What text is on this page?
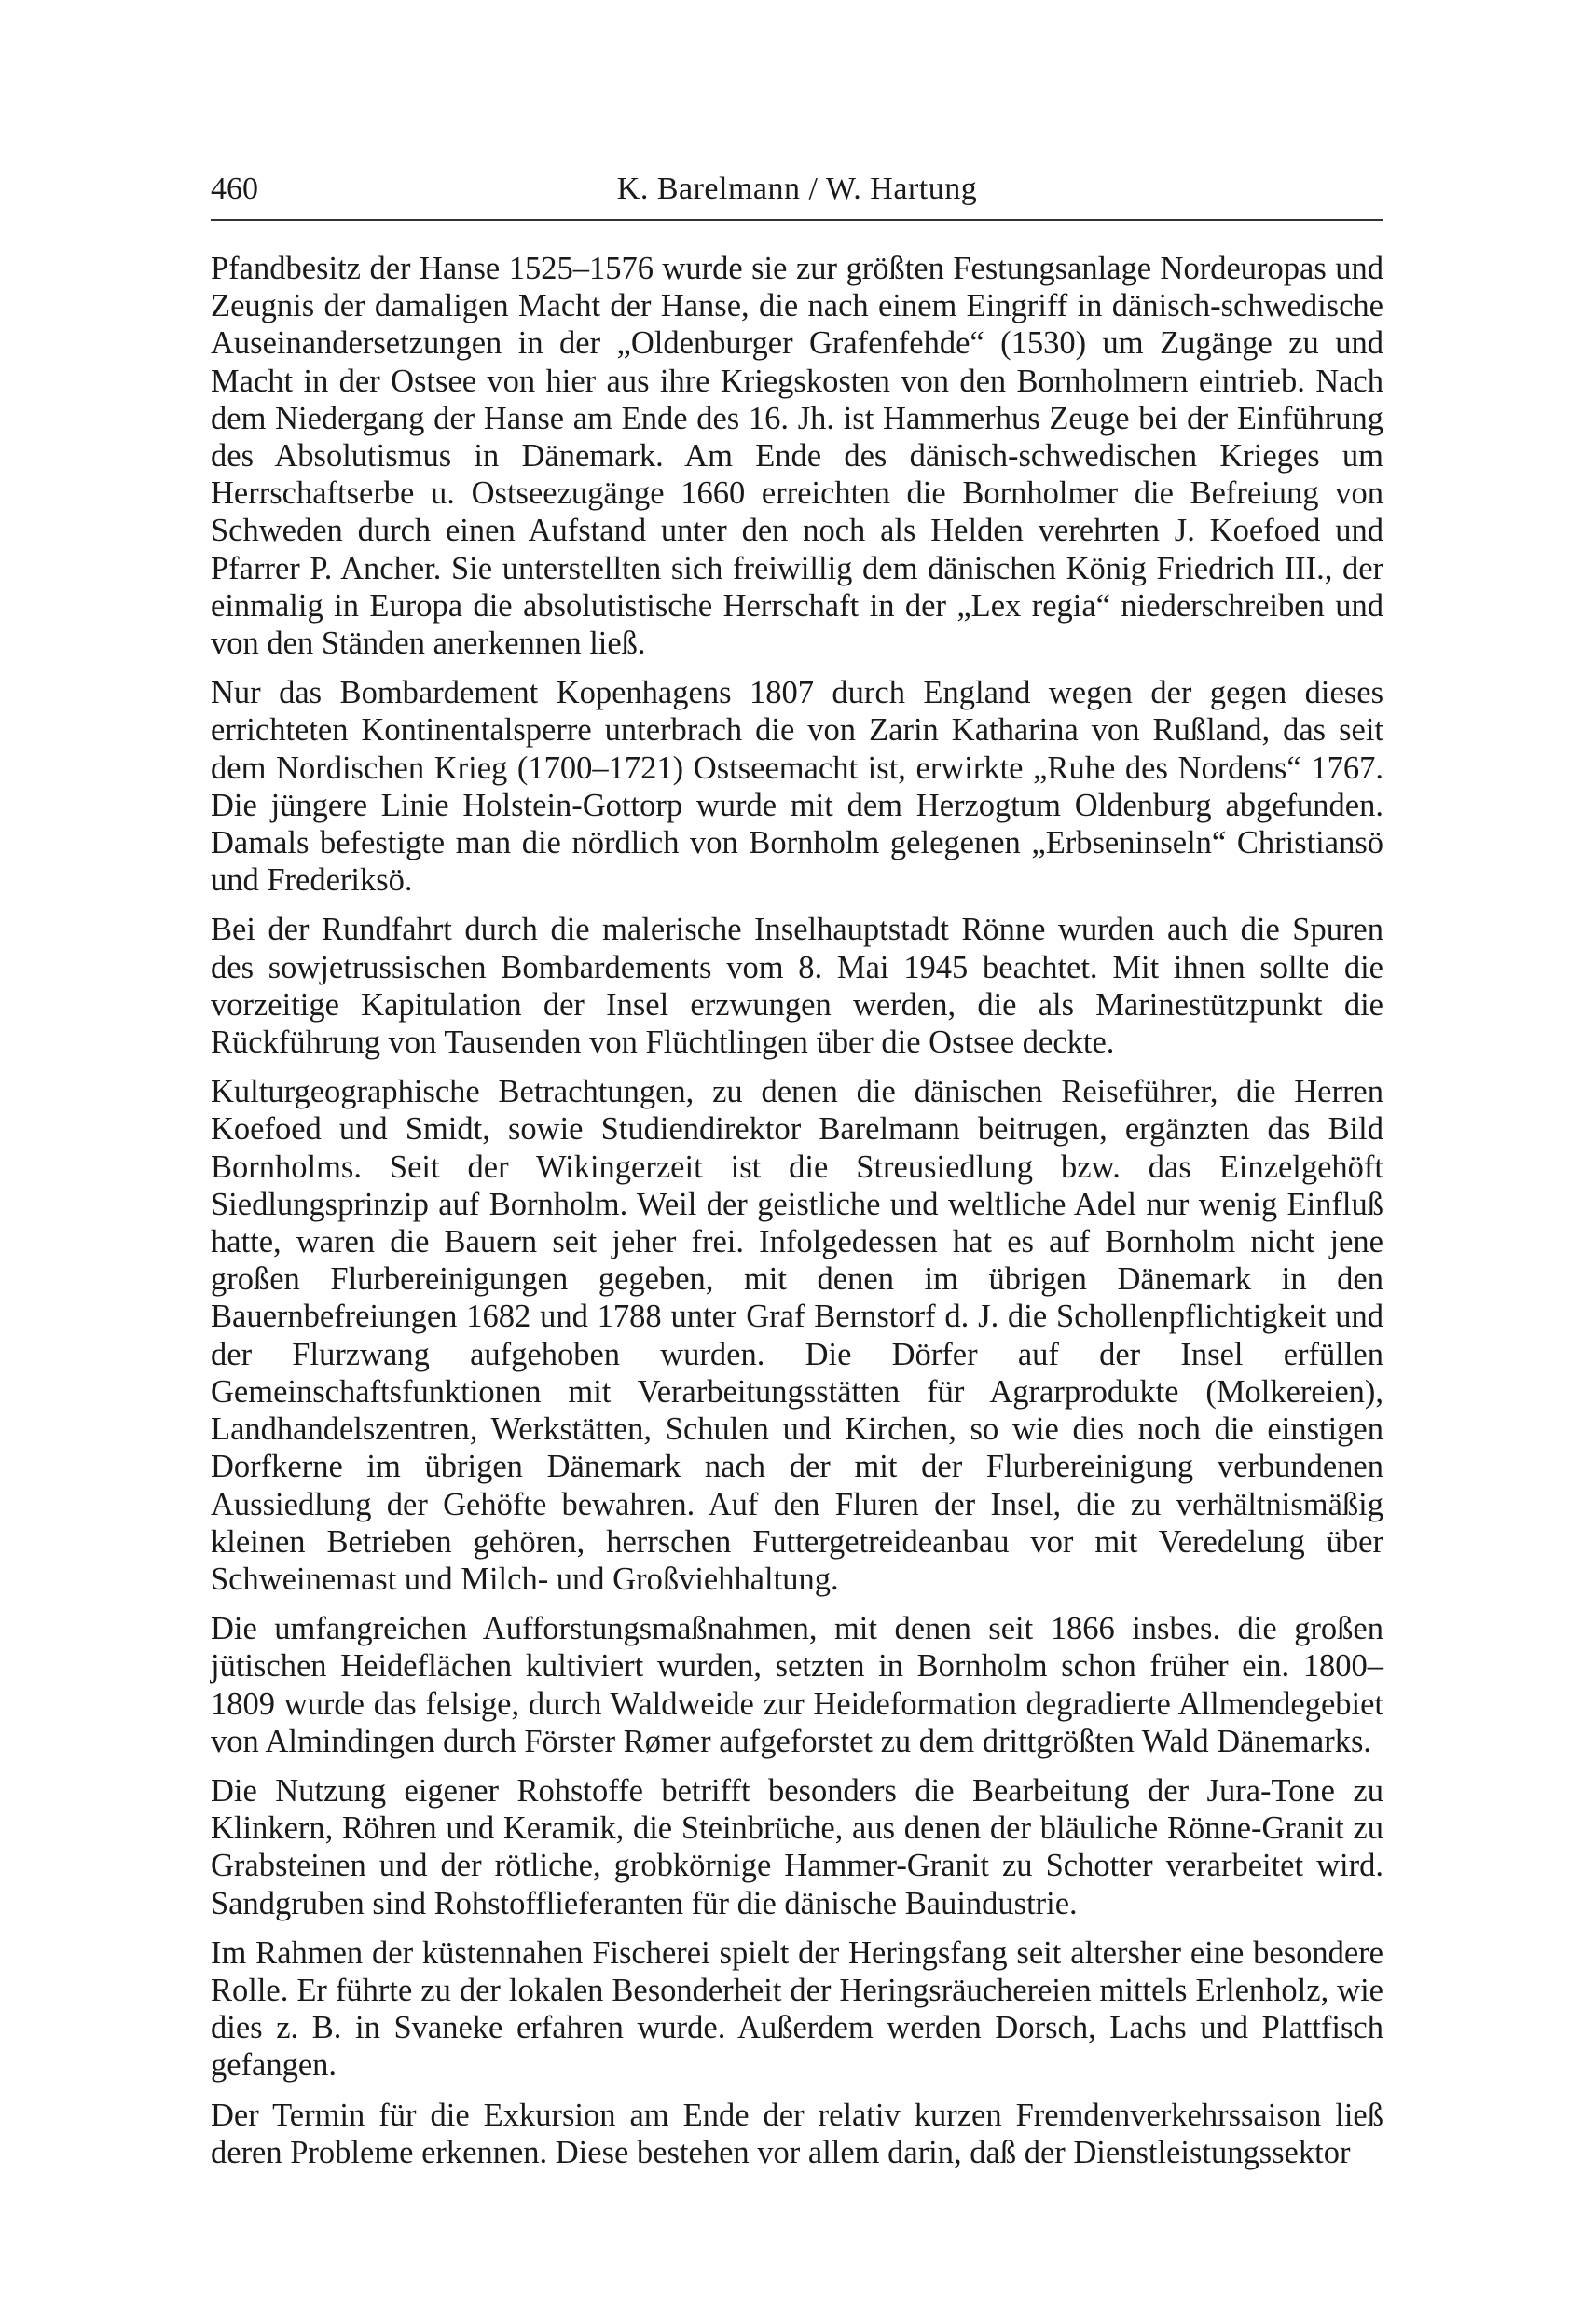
460	K. Barelmann / W. Hartung

Pfandbesitz der Hanse 1525–1576 wurde sie zur größten Festungsanlage Nordeuropas und Zeugnis der damaligen Macht der Hanse, die nach einem Eingriff in dänisch-schwedische Auseinandersetzungen in der „Oldenburger Grafenfehde“ (1530) um Zugänge zu und Macht in der Ostsee von hier aus ihre Kriegskosten von den Bornholmern eintrieb. Nach dem Niedergang der Hanse am Ende des 16. Jh. ist Hammerhus Zeuge bei der Einführung des Absolutismus in Dänemark. Am Ende des dänisch-schwedischen Krieges um Herrschaftserbe u. Ostseezugänge 1660 erreichten die Bornholmer die Befreiung von Schweden durch einen Aufstand unter den noch als Helden verehrten J. Koefoed und Pfarrer P. Ancher. Sie unterstellten sich freiwillig dem dänischen König Friedrich III., der einmalig in Europa die absolutistische Herrschaft in der „Lex regia“ niederschreiben und von den Ständen anerkennen ließ.

Nur das Bombardement Kopenhagens 1807 durch England wegen der gegen dieses errichteten Kontinentalsperre unterbrach die von Zarin Katharina von Rußland, das seit dem Nordischen Krieg (1700–1721) Ostseemacht ist, erwirkte „Ruhe des Nordens“ 1767. Die jüngere Linie Holstein-Gottorp wurde mit dem Herzogtum Oldenburg abgefunden. Damals befestigte man die nördlich von Bornholm gelegenen „Erbseninseln“ Christiansö und Frederiksö.

Bei der Rundfahrt durch die malerische Inselhauptstadt Rönne wurden auch die Spuren des sowjetrussischen Bombardements vom 8. Mai 1945 beachtet. Mit ihnen sollte die vorzeitige Kapitulation der Insel erzwungen werden, die als Marinestützpunkt die Rückführung von Tausenden von Flüchtlingen über die Ostsee deckte.

Kulturgeographische Betrachtungen, zu denen die dänischen Reiseführer, die Herren Koefoed und Smidt, sowie Studiendirektor Barelmann beitrugen, ergänzten das Bild Bornholms. Seit der Wikingerzeit ist die Streusiedlung bzw. das Einzelgehöft Siedlungsprinzip auf Bornholm. Weil der geistliche und weltliche Adel nur wenig Einfluß hatte, waren die Bauern seit jeher frei. Infolgedessen hat es auf Bornholm nicht jene großen Flurbereinigungen gegeben, mit denen im übrigen Dänemark in den Bauernbefreiungen 1682 und 1788 unter Graf Bernstorf d. J. die Schollenpflichtigkeit und der Flurzwang aufgehoben wurden. Die Dörfer auf der Insel erfüllen Gemeinschaftsfunktionen mit Verarbeitungsstätten für Agrarprodukte (Molkereien), Landhandelszentren, Werkstätten, Schulen und Kirchen, so wie dies noch die einstigen Dorfkerne im übrigen Dänemark nach der mit der Flurbereinigung verbundenen Aussiedlung der Gehöfte bewahren. Auf den Fluren der Insel, die zu verhältnismäßig kleinen Betrieben gehören, herrschen Futtergetreideanbau vor mit Veredelung über Schweinemast und Milch- und Großviehhaltung.

Die umfangreichen Aufforstungsmaßnahmen, mit denen seit 1866 insbes. die großen jütischen Heideflächen kultiviert wurden, setzten in Bornholm schon früher ein. 1800–1809 wurde das felsige, durch Waldweide zur Heideformation degradierte Allmendegebiet von Almindingen durch Förster Rømer aufgeforstet zu dem drittgrößten Wald Dänemarks.

Die Nutzung eigener Rohstoffe betrifft besonders die Bearbeitung der Jura-Tone zu Klinkern, Röhren und Keramik, die Steinbrüche, aus denen der bläuliche Rönne-Granit zu Grabsteinen und der rötliche, grobkörnige Hammer-Granit zu Schotter verarbeitet wird. Sandgruben sind Rohstofflieferanten für die dänische Bauindustrie.

Im Rahmen der küstennahen Fischerei spielt der Heringsfang seit altersher eine besondere Rolle. Er führte zu der lokalen Besonderheit der Heringsräuchereien mittels Erlenholz, wie dies z. B. in Svaneke erfahren wurde. Außerdem werden Dorsch, Lachs und Plattfisch gefangen.

Der Termin für die Exkursion am Ende der relativ kurzen Fremdenverkehrssaison ließ deren Probleme erkennen. Diese bestehen vor allem darin, daß der Dienstleistungssektor
